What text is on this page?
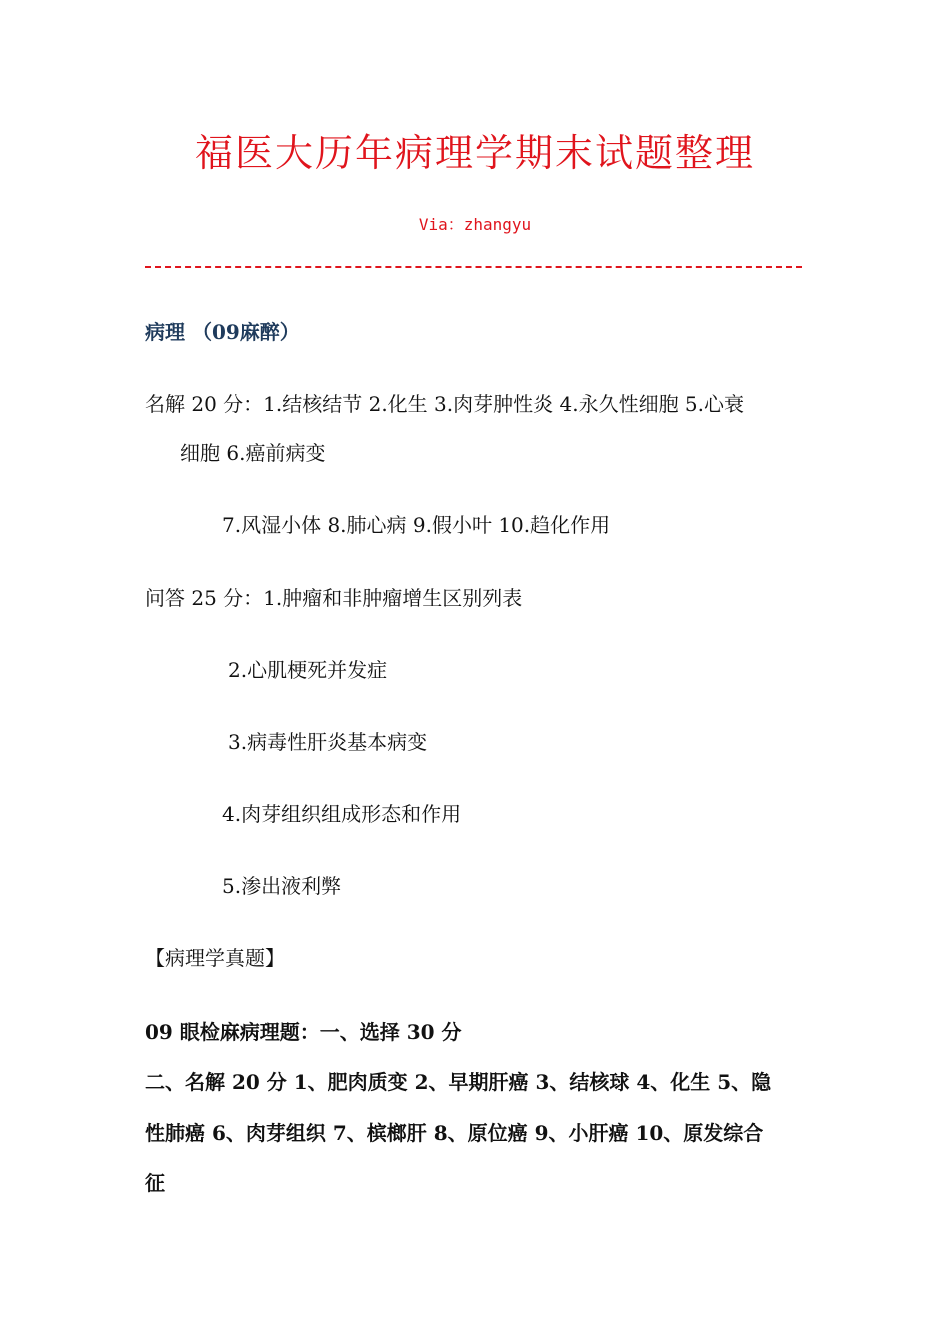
福医大历年病理学期末试题整理
Via：zhangyu
病理 （09麻醉）
名解 20 分：1.结核结节 2.化生 3.肉芽肿性炎 4.永久性细胞 5.心衰
细胞 6.癌前病变
7.风湿小体 8.肺心病 9.假小叶 10.趋化作用
问答 25 分：1.肿瘤和非肿瘤增生区别列表
2.心肌梗死并发症
3.病毒性肝炎基本病变
4.肉芽组织组成形态和作用
5.渗出液利弊
【病理学真题】
09 眼检麻病理题：一、选择 30 分
二、名解 20 分 1、肥肉质变 2、早期肝癌 3、结核球 4、化生 5、隐
性肺癌 6、肉芽组织 7、槟榔肝 8、原位癌 9、小肝癌 10、原发综合
征
